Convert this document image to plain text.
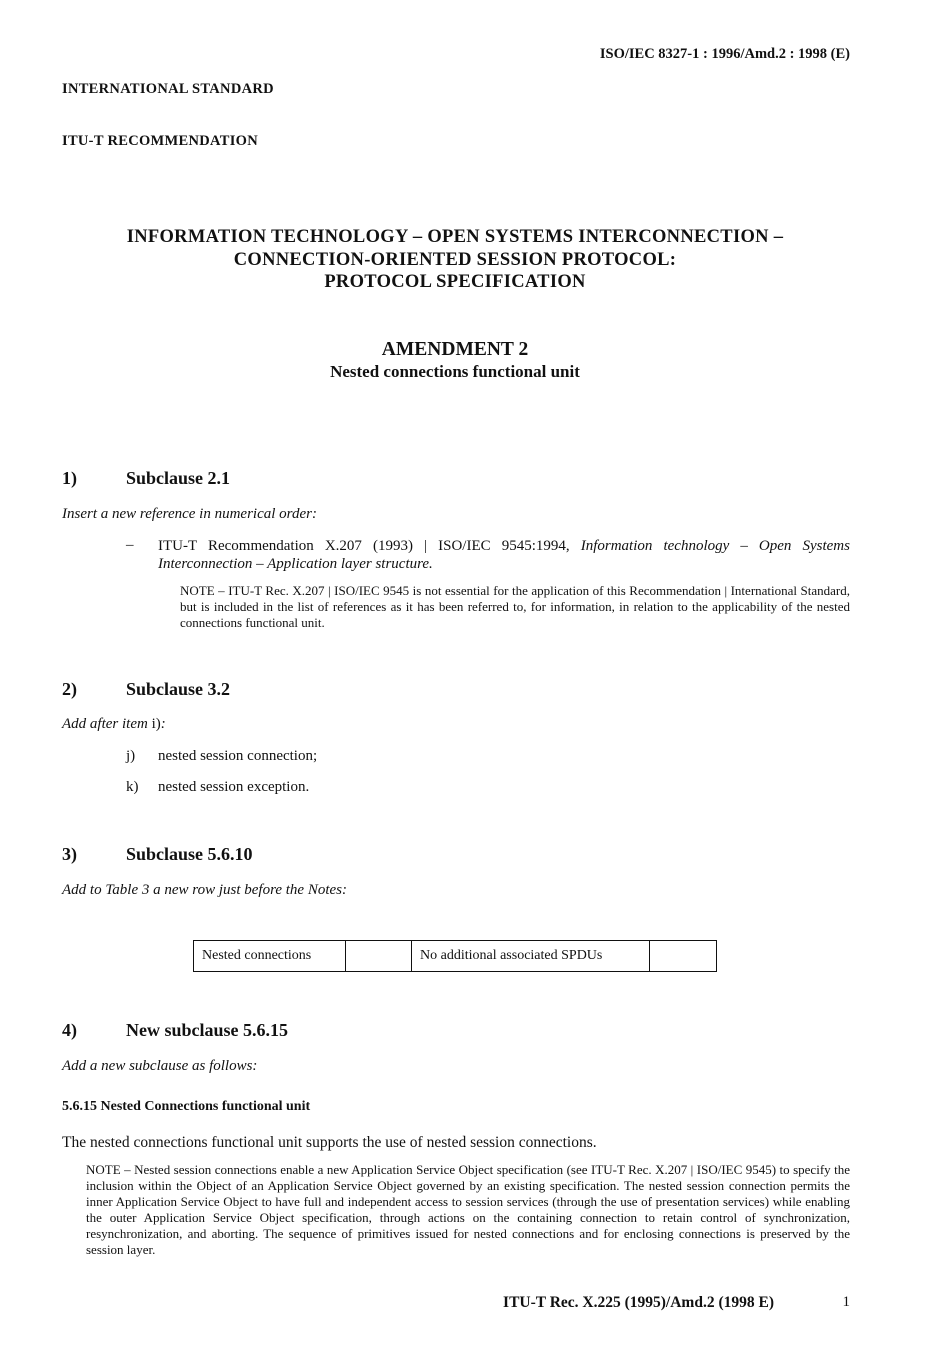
ISO/IEC 8327-1 : 1996/Amd.2 : 1998 (E)

INTERNATIONAL STANDARD

ITU-T RECOMMENDATION

INFORMATION TECHNOLOGY – OPEN SYSTEMS INTERCONNECTION –

CONNECTION-ORIENTED SESSION PROTOCOL:

PROTOCOL SPECIFICATION

AMENDMENT 2

Nested connections functional unit

1)	Subclause 2.1

Insert a new reference in numerical order:

– ITU-T Recommendation X.207 (1993) | ISO/IEC 9545:1994, Information technology – Open Systems Interconnection – Application layer structure.

NOTE – ITU-T Rec. X.207 | ISO/IEC 9545 is not essential for the application of this Recommendation | International Standard, but is included in the list of references as it has been referred to, for information, in relation to the applicability of the nested connections functional unit.

2)	Subclause 3.2

Add after item i):

j) nested session connection;

k) nested session exception.

3)	Subclause 5.6.10

Add to Table 3 a new row just before the Notes:

Nested connections	No additional associated SPDUs

4)	New subclause 5.6.15

Add a new subclause as follows:

5.6.15 Nested Connections functional unit

The nested connections functional unit supports the use of nested session connections.

NOTE – Nested session connections enable a new Application Service Object specification (see ITU-T Rec. X.207 | ISO/IEC 9545) to specify the inclusion within the Object of an Application Service Object governed by an existing specification. The nested session connection permits the inner Application Service Object to have full and independent access to session services (through the use of presentation services) while enabling the outer Application Service Object specification, through actions on the containing connection to retain control of synchronization, resynchronization, and aborting. The sequence of primitives issued for nested connections and for enclosing connections is preserved by the session layer.

ITU-T Rec. X.225 (1995)/Amd.2 (1998 E)	1
